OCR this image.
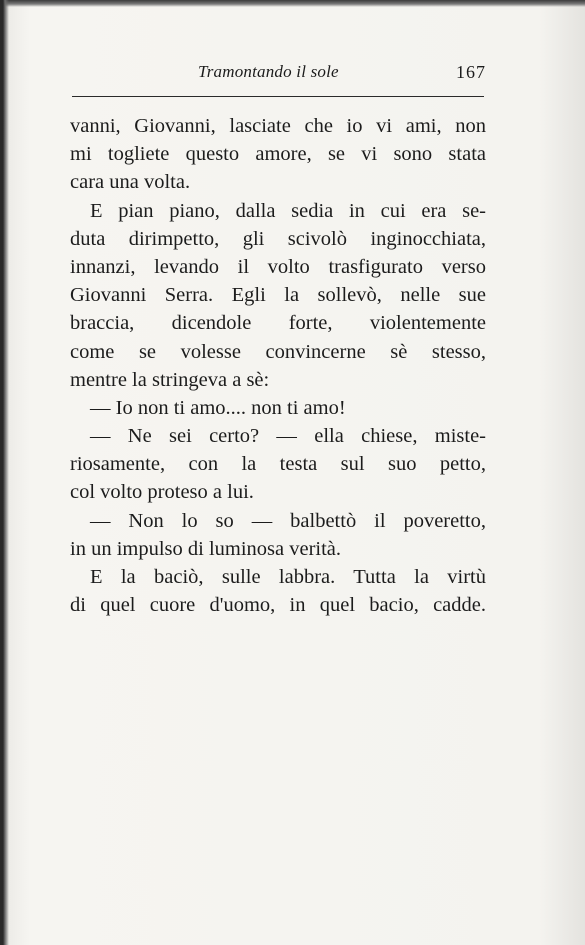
Tramontando il sole	167
vanni, Giovanni, lasciate che io vi ami, non
mi togliete questo amore, se vi sono stata
cara una volta.
E pian piano, dalla sedia in cui era se-
duta dirimpetto, gli scivolò inginocchiata,
innanzi, levando il volto trasfigurato verso
Giovanni Serra. Egli la sollevò, nelle sue
braccia, dicendole forte, violentemente
come se volesse convincerne sè stesso,
mentre la stringeva a sè:
— Io non ti amo.... non ti amo!
— Ne sei certo? — ella chiese, miste-
riosamente, con la testa sul suo petto,
col volto proteso a lui.
— Non lo so — balbettò il poveretto,
in un impulso di luminosa verità.
E la baciò, sulle labbra. Tutta la virtù
di quel cuore d'uomo, in quel bacio, cadde.
